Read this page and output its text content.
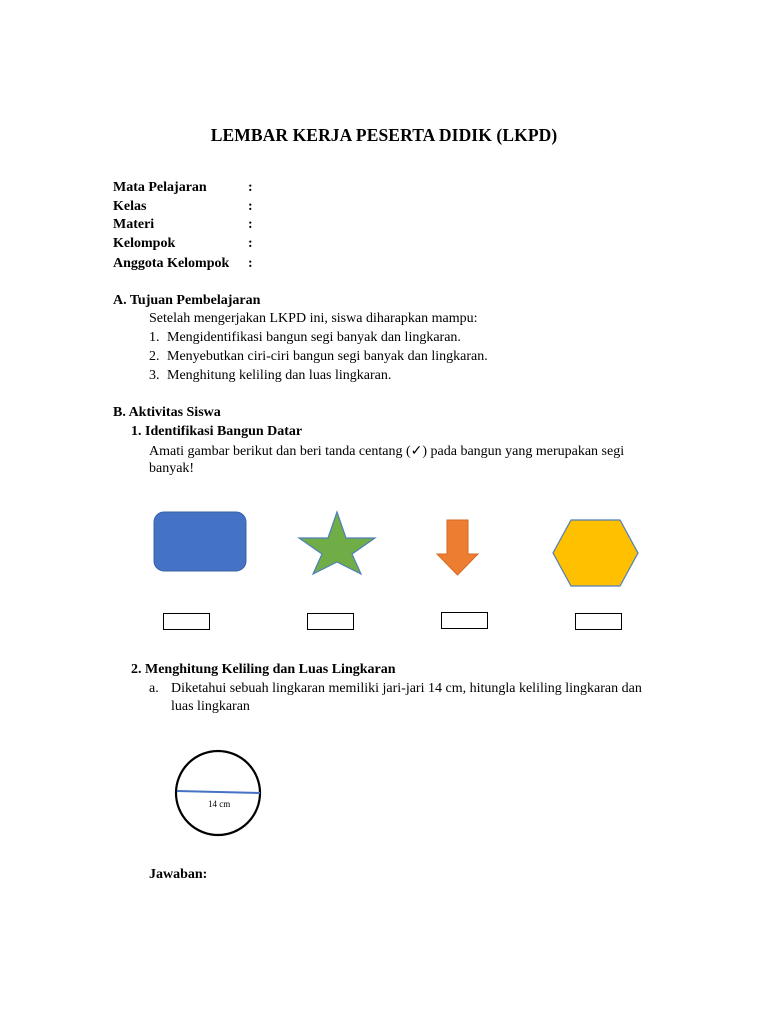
LEMBAR KERJA PESERTA DIDIK (LKPD)
Mata Pelajaran	:
Kelas	:
Materi	:
Kelompok	:
Anggota Kelompok :
A. Tujuan Pembelajaran
Setelah mengerjakan LKPD ini, siswa diharapkan mampu:
1. Mengidentifikasi bangun segi banyak dan lingkaran.
2. Menyebutkan ciri-ciri bangun segi banyak dan lingkaran.
3. Menghitung keliling dan luas lingkaran.
B. Aktivitas Siswa
1. Identifikasi Bangun Datar
Amati gambar berikut dan beri tanda centang (✓) pada bangun yang merupakan segi
banyak!
2. Menghitung Keliling dan Luas Lingkaran
a. Diketahui sebuah lingkaran memiliki jari-jari 14 cm, hitungla keliling lingkaran dan
luas lingkaran
14 cm
Jawaban:
